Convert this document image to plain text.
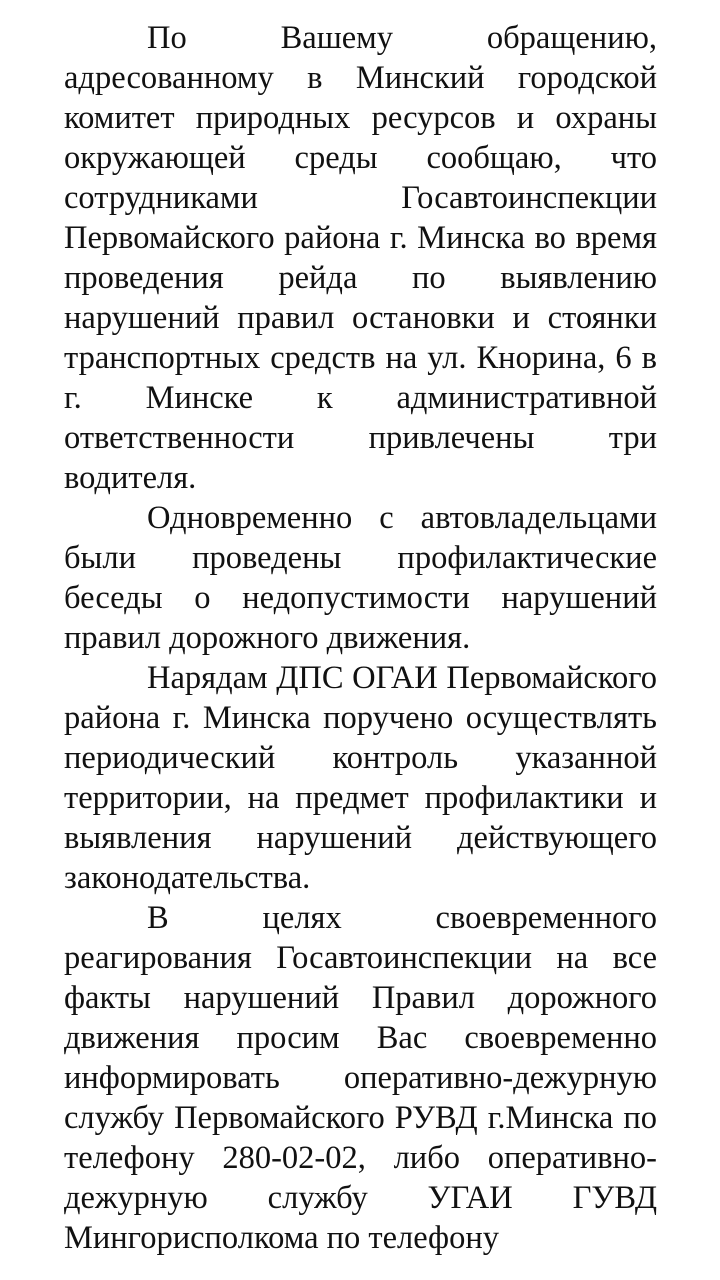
По Вашему обращению, адресованному в Минский городской комитет природных ресурсов и охраны окружающей среды сообщаю, что сотрудниками Госавтоинспекции Первомайского района г. Минска во время проведения рейда по выявлению нарушений правил остановки и стоянки транспортных средств на ул. Кнорина, 6 в г. Минске к административной ответственности привлечены три водителя.

Одновременно с автовладельцами были проведены профилактические беседы о недопустимости нарушений правил дорожного движения.

Нарядам ДПС ОГАИ Первомайского района г. Минска поручено осуществлять периодический контроль указанной территории, на предмет профилактики и выявления нарушений действующего законодательства.

В целях своевременного реагирования Госавтоинспекции на все факты нарушений Правил дорожного движения просим Вас своевременно информировать оперативно-дежурную службу Первомайского РУВД г.Минска по телефону 280-02-02, либо оперативно-дежурную службу УГАИ ГУВД Мингорисполкома по телефону
